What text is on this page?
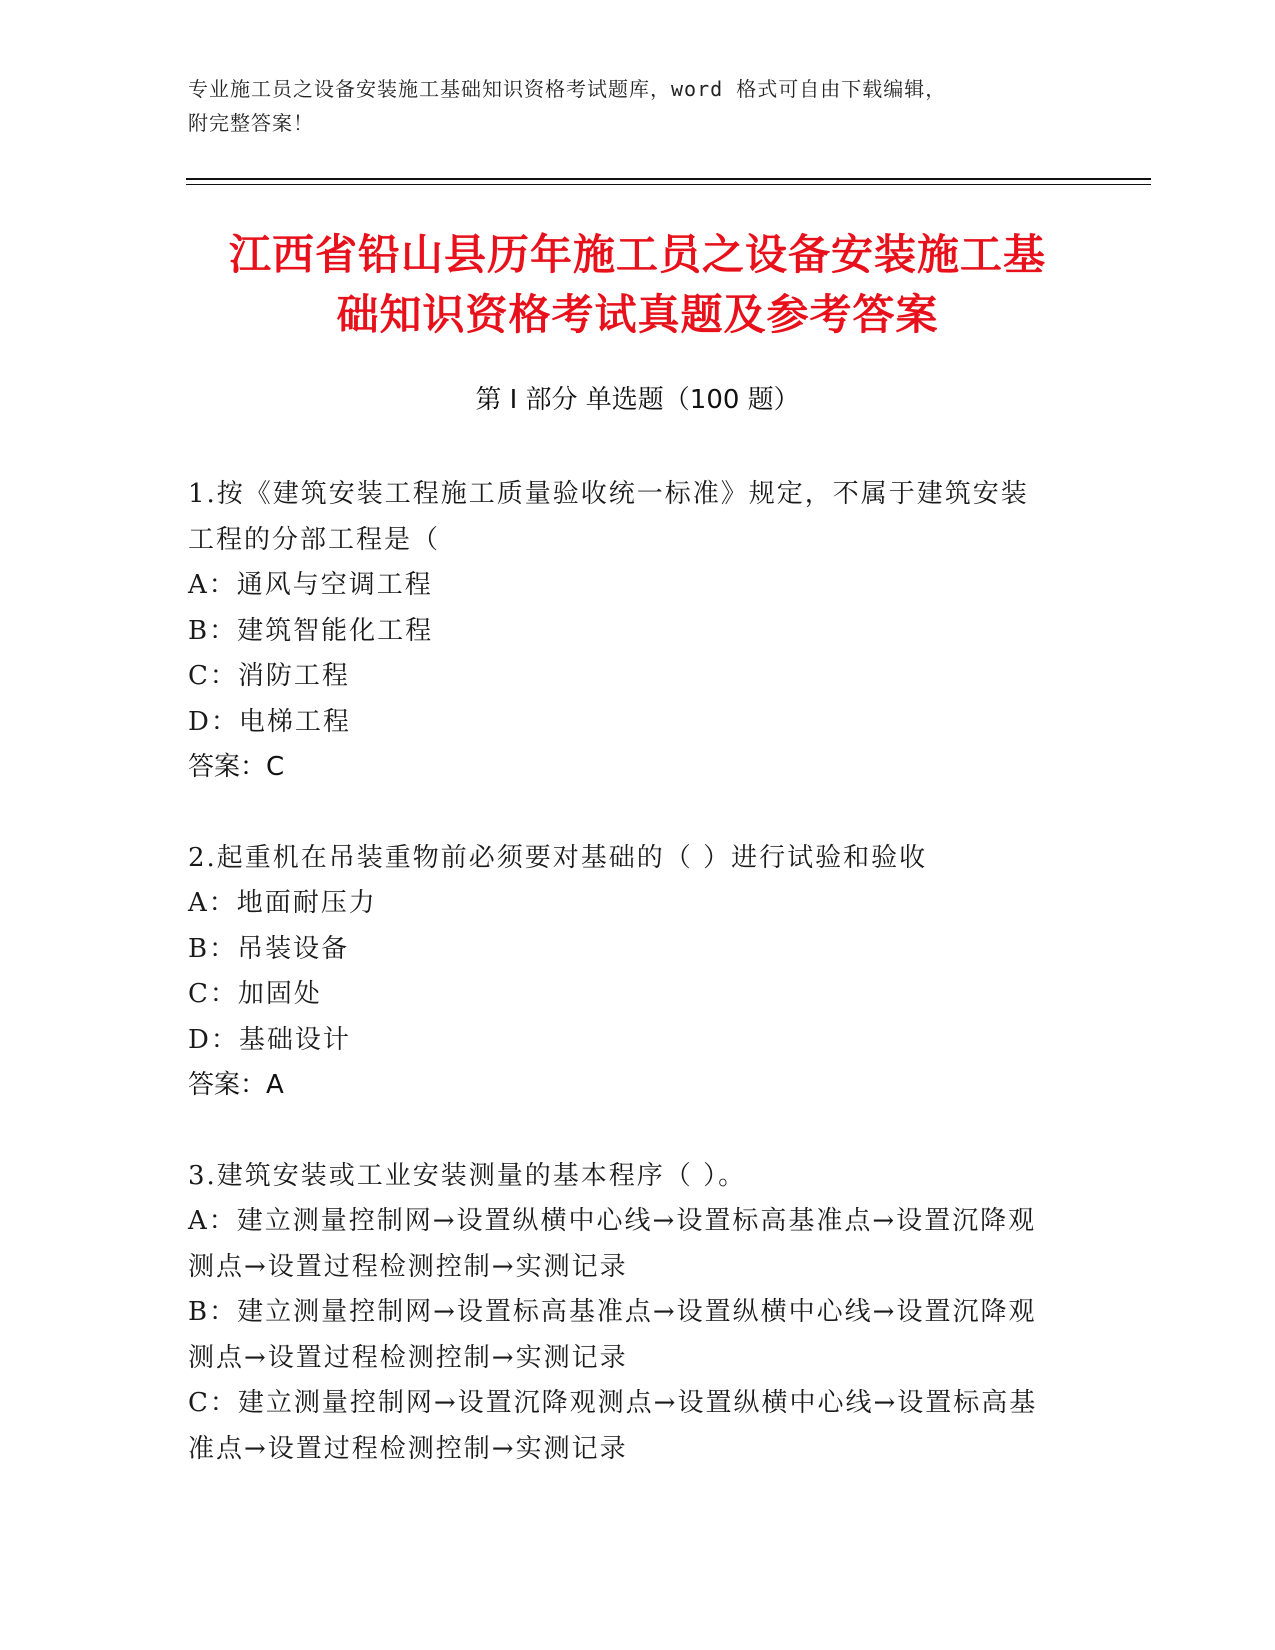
专业施工员之设备安装施工基础知识资格考试题库，word 格式可自由下载编辑，
附完整答案！
江西省铅山县历年施工员之设备安装施工基
础知识资格考试真题及参考答案
第 I 部分 单选题（100 题）
1.按《建筑安装工程施工质量验收统一标准》规定，不属于建筑安装
工程的分部工程是（
A：通风与空调工程
B：建筑智能化工程
C：消防工程
D：电梯工程
答案：C
2.起重机在吊装重物前必须要对基础的（ ）进行试验和验收
A：地面耐压力
B：吊装设备
C：加固处
D：基础设计
答案：A
3.建筑安装或工业安装测量的基本程序（ ）。
A：建立测量控制网→设置纵横中心线→设置标高基准点→设置沉降观
测点→设置过程检测控制→实测记录
B：建立测量控制网→设置标高基准点→设置纵横中心线→设置沉降观
测点→设置过程检测控制→实测记录
C：建立测量控制网→设置沉降观测点→设置纵横中心线→设置标高基
准点→设置过程检测控制→实测记录
